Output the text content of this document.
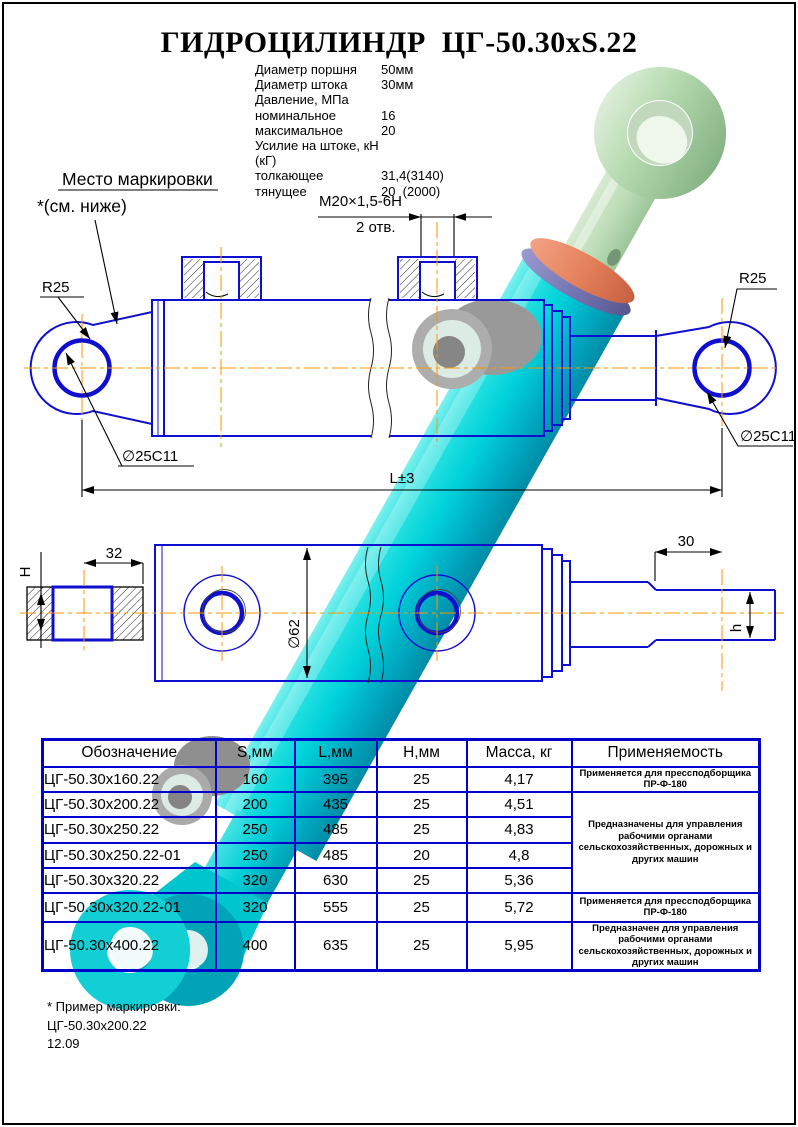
Место маркировки
*(см. ниже)	M20×1,5-6H
2 отв.
R25
R25
∅25C11
∅25C11
L±3
32
30
∅62
H
h
ГИДРОЦИЛИНДР  ЦГ-50.30xS.22
Диаметр поршня	50мм
Диаметр штока	30мм
Давление, МПа
номинальное	16
максимальное	20
Усилие на штоке, кН (кГ)
толкающее	31,4(3140)
тянущее	20  (2000)
Обозначение	S,мм	L,мм	Н,мм	Масса, кг	Применяемость
ЦГ-50.30x160.22	160	395	25	4,17	Применяется для прессподборщика ПР-Ф-180
ЦГ-50.30x200.22	200	435	25	4,51	Предназначены для управления рабочими органами сельскохозяйственных, дорожных и других машин
ЦГ-50.30x250.22	250	485	25	4,83	
ЦГ-50.30x250.22-01	250	485	20	4,8	
ЦГ-50.30x320.22	320	630	25	5,36	
ЦГ-50.30x320.22-01	320	555	25	5,72	Применяется для прессподборщика ПР-Ф-180
ЦГ-50.30x400.22	400	635	25	5,95	Предназначен для управления рабочими органами сельскохозяйственных, дорожных и других машин
* Пример маркировки:
ЦГ-50.30x200.22
12.09
